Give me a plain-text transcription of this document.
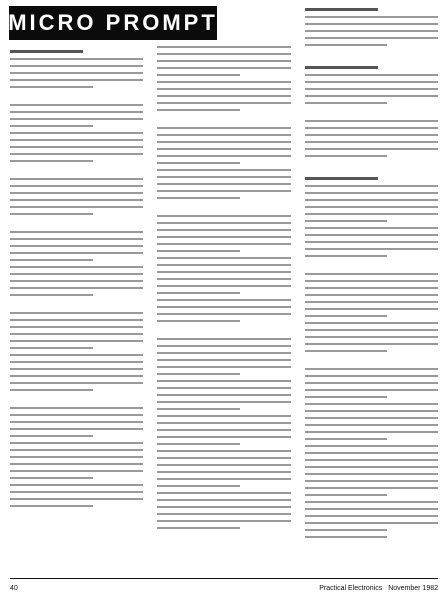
MICRO PROMPT
40	Practical Electronics November 1982
